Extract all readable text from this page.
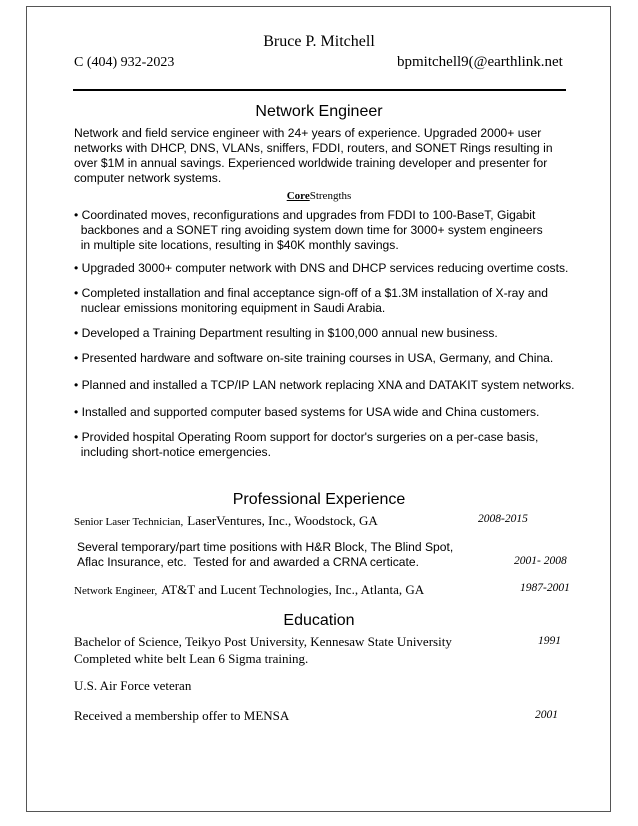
Bruce P. Mitchell
C (404) 932-2023	bpmitchell9(@earthlink.net
Network Engineer
Network and field service engineer with 24+ years of experience. Upgraded 2000+ user networks with DHCP, DNS, VLANs, sniffers, FDDI, routers, and SONET Rings resulting in over $1M in annual savings. Experienced worldwide training developer and presenter for computer network systems.
CoreStrengths
• Coordinated moves, reconfigurations and upgrades from FDDI to 100-BaseT, Gigabit
backbones and a SONET ring avoiding system down time for 3000+ system engineers
in multiple site locations, resulting in $40K monthly savings.
• Upgraded 3000+ computer network with DNS and DHCP services reducing overtime costs.
• Completed installation and final acceptance sign-off of a $1.3M installation of X-ray and
nuclear emissions monitoring equipment in Saudi Arabia.
• Developed a Training Department resulting in $100,000 annual new business.
• Presented hardware and software on-site training courses in USA, Germany, and China.
• Planned and installed a TCP/IP LAN network replacing XNA and DATAKIT system networks.
• Installed and supported computer based systems for USA wide and China customers.
• Provided hospital Operating Room support for doctor's surgeries on a per-case basis,
including short-notice emergencies.
Professional Experience
Senior Laser Technician, LaserVentures, Inc., Woodstock, GA	2008-2015
Several temporary/part time positions with H&R Block, The Blind Spot,
Aflac Insurance, etc.  Tested for and awarded a CRNA certicate.	2001- 2008
Network Engineer, AT&T and Lucent Technologies, Inc., Atlanta, GA	1987-2001
Education
Bachelor of Science, Teikyo Post University, Kennesaw State University	1991
Completed white belt Lean 6 Sigma training.
U.S. Air Force veteran
Received a membership offer to MENSA	2001
